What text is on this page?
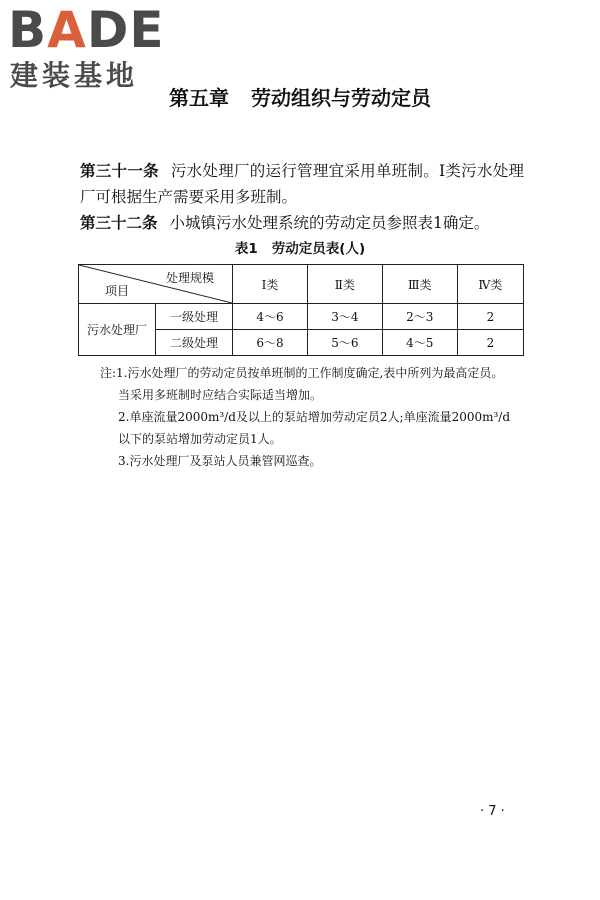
BADE
建装基地
第五章 劳动组织与劳动定员
第三十一条 污水处理厂的运行管理宜采用单班制。Ⅰ类污水处理厂可根据生产需要采用多班制。
第三十二条 小城镇污水处理系统的劳动定员参照表1确定。
表1 劳动定员表(人)
处理规模
项目		Ⅰ类	Ⅱ类	Ⅲ类	Ⅳ类
污水处理厂	一级处理	4～6	3～4	2～3	2
	二级处理	6～8	5～6	4～5	2
注:1.污水处理厂的劳动定员按单班制的工作制度确定,表中所列为最高定员。
当采用多班制时应结合实际适当增加。
2.单座流量2000m³/d及以上的泵站增加劳动定员2人;单座流量2000m³/d
以下的泵站增加劳动定员1人。
3.污水处理厂及泵站人员兼管网巡查。
· 7 ·
